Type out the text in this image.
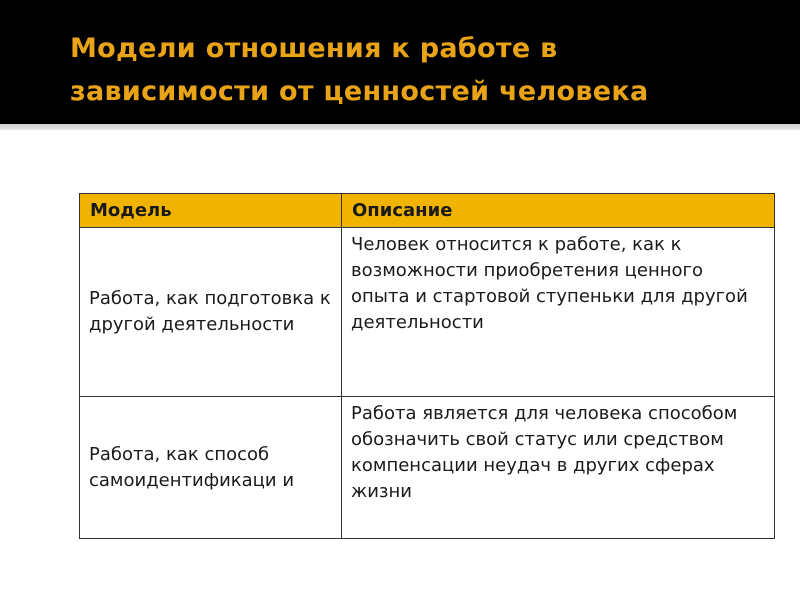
Модели отношения к работе в зависимости от ценностей человека
Модель	Описание
Работа, как подготовка к другой деятельности	Человек относится к работе, как к возможности приобретения ценного опыта и стартовой ступеньки для другой деятельности
Работа, как способ самоидентификаци и	Работа является для человека способом обозначить свой статус или средством компенсации неудач в других сферах жизни
